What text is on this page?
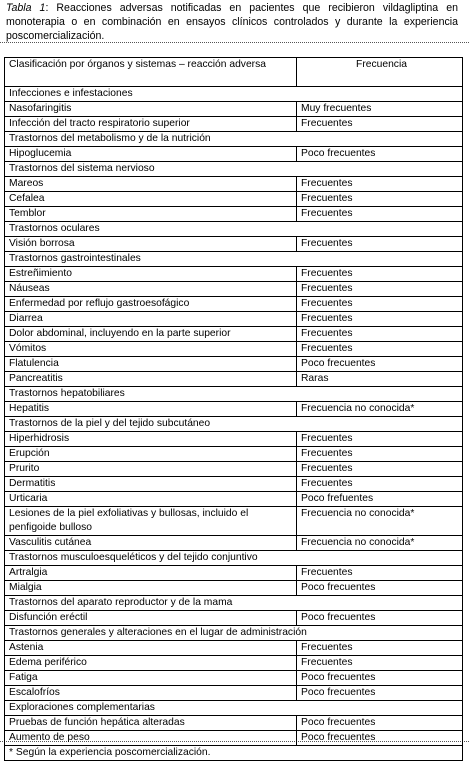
Tabla 1: Reacciones adversas notificadas en pacientes que recibieron vildagliptina en monoterapia o en combinación en ensayos clínicos controlados y durante la experiencia poscomercialización.
Clasificación por órganos y sistemas – reacción adversa	Frecuencia
Infecciones e infestaciones	
Nasofaringitis	Muy frecuentes
Infección del tracto respiratorio superior	Frecuentes
Trastornos del metabolismo y de la nutrición	
Hipoglucemia	Poco frecuentes
Trastornos del sistema nervioso	
Mareos	Frecuentes
Cefalea	Frecuentes
Temblor	Frecuentes
Trastornos oculares	
Visión borrosa	Frecuentes
Trastornos gastrointestinales	
Estreñimiento	Frecuentes
Náuseas	Frecuentes
Enfermedad por reflujo gastroesofágico	Frecuentes
Diarrea	Frecuentes
Dolor abdominal, incluyendo en la parte superior	Frecuentes
Vómitos	Frecuentes
Flatulencia	Poco frecuentes
Pancreatitis	Raras
Trastornos hepatobiliares	
Hepatitis	Frecuencia no conocida*
Trastornos de la piel y del tejido subcutáneo	
Hiperhidrosis	Frecuentes
Erupción	Frecuentes
Prurito	Frecuentes
Dermatitis	Frecuentes
Urticaria	Poco frefuentes
Lesiones de la piel exfoliativas y bullosas, incluido el penfigoide bulloso	Frecuencia no conocida*
Vasculitis cutánea	Frecuencia no conocida*
Trastornos musculoesqueléticos y del tejido conjuntivo	
Artralgia	Frecuentes
Mialgia	Poco frecuentes
Trastornos del aparato reproductor y de la mama	
Disfunción eréctil	Poco frecuentes
Trastornos generales y alteraciones en el lugar de administración	
Astenia	Frecuentes
Edema periférico	Frecuentes
Fatiga	Poco frecuentes
Escalofríos	Poco frecuentes
Exploraciones complementarias	
Pruebas de función hepática alteradas	Poco frecuentes
Aumento de peso	Poco frecuentes
* Según la experiencia poscomercialización.	
